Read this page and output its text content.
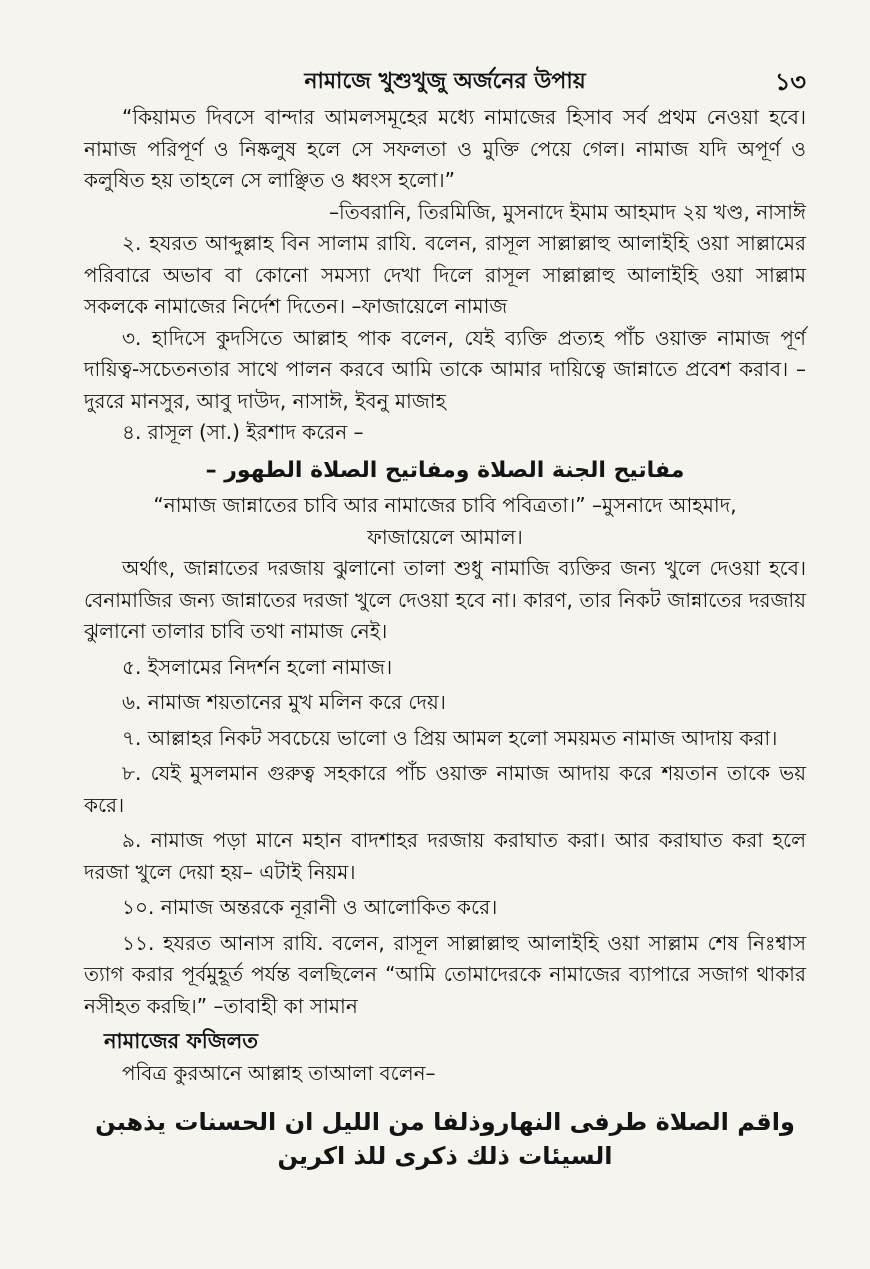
নামাজে খুশুখুজু অর্জনের উপায়	১৩

“কিয়ামত দিবসে বান্দার আমলসমূহের মধ্যে নামাজের হিসাব সর্ব প্রথম নেওয়া হবে। নামাজ পরিপূর্ণ ও নিষ্কলুষ হলে সে সফলতা ও মুক্তি পেয়ে গেল। নামাজ যদি অপূর্ণ ও কলুষিত হয় তাহলে সে লাঞ্ছিত ও ধ্বংস হলো।”

–তিবরানি, তিরমিজি, মুসনাদে ইমাম আহমাদ ২য় খণ্ড, নাসাঈ

২. হযরত আব্দুল্লাহ বিন সালাম রাযি. বলেন, রাসূল সাল্লাল্লাহু আলাইহি ওয়া সাল্লামের পরিবারে অভাব বা কোনো সমস্যা দেখা দিলে রাসূল সাল্লাল্লাহু আলাইহি ওয়া সাল্লাম সকলকে নামাজের নির্দেশ দিতেন। –ফাজায়েলে নামাজ

৩. হাদিসে কুদসিতে আল্লাহ পাক বলেন, যেই ব্যক্তি প্রত্যহ পাঁচ ওয়াক্ত নামাজ পূর্ণ দায়িত্ব-সচেতনতার সাথে পালন করবে আমি তাকে আমার দায়িত্বে জান্নাতে প্রবেশ করাব। –দুররে মানসুর, আবু দাউদ, নাসাঈ, ইবনু মাজাহ

৪. রাসূল (সা.) ইরশাদ করেন –

مفاتيح الجنة الصلاة ومفاتيح الصلاة الطهور –

“নামাজ জান্নাতের চাবি আর নামাজের চাবি পবিত্রতা।” –মুসনাদে আহমাদ,

ফাজায়েলে আমাল।

অর্থাৎ, জান্নাতের দরজায় ঝুলানো তালা শুধু নামাজি ব্যক্তির জন্য খুলে দেওয়া হবে। বেনামাজির জন্য জান্নাতের দরজা খুলে দেওয়া হবে না। কারণ, তার নিকট জান্নাতের দরজায় ঝুলানো তালার চাবি তথা নামাজ নেই।

৫. ইসলামের নিদর্শন হলো নামাজ।

৬. নামাজ শয়তানের মুখ মলিন করে দেয়।

৭. আল্লাহর নিকট সবচেয়ে ভালো ও প্রিয় আমল হলো সময়মত নামাজ আদায় করা।

৮. যেই মুসলমান গুরুত্ব সহকারে পাঁচ ওয়াক্ত নামাজ আদায় করে শয়তান তাকে ভয় করে।

৯. নামাজ পড়া মানে মহান বাদশাহর দরজায় করাঘাত করা। আর করাঘাত করা হলে দরজা খুলে দেয়া হয়– এটাই নিয়ম।

১০. নামাজ অন্তরকে নূরানী ও আলোকিত করে।

১১. হযরত আনাস রাযি. বলেন, রাসূল সাল্লাল্লাহু আলাইহি ওয়া সাল্লাম শেষ নিঃশ্বাস ত্যাগ করার পূর্বমুহূর্ত পর্যন্ত বলছিলেন “আমি তোমাদেরকে নামাজের ব্যাপারে সজাগ থাকার নসীহত করছি।” –তাবাহী কা সামান

নামাজের ফজিলত

পবিত্র কুরআনে আল্লাহ তাআলা বলেন–

واقم الصلاة طرفى النهاروذلفا من الليل ان الحسنات يذهبن
السيئات ذلك ذكرى للذ اكرين
